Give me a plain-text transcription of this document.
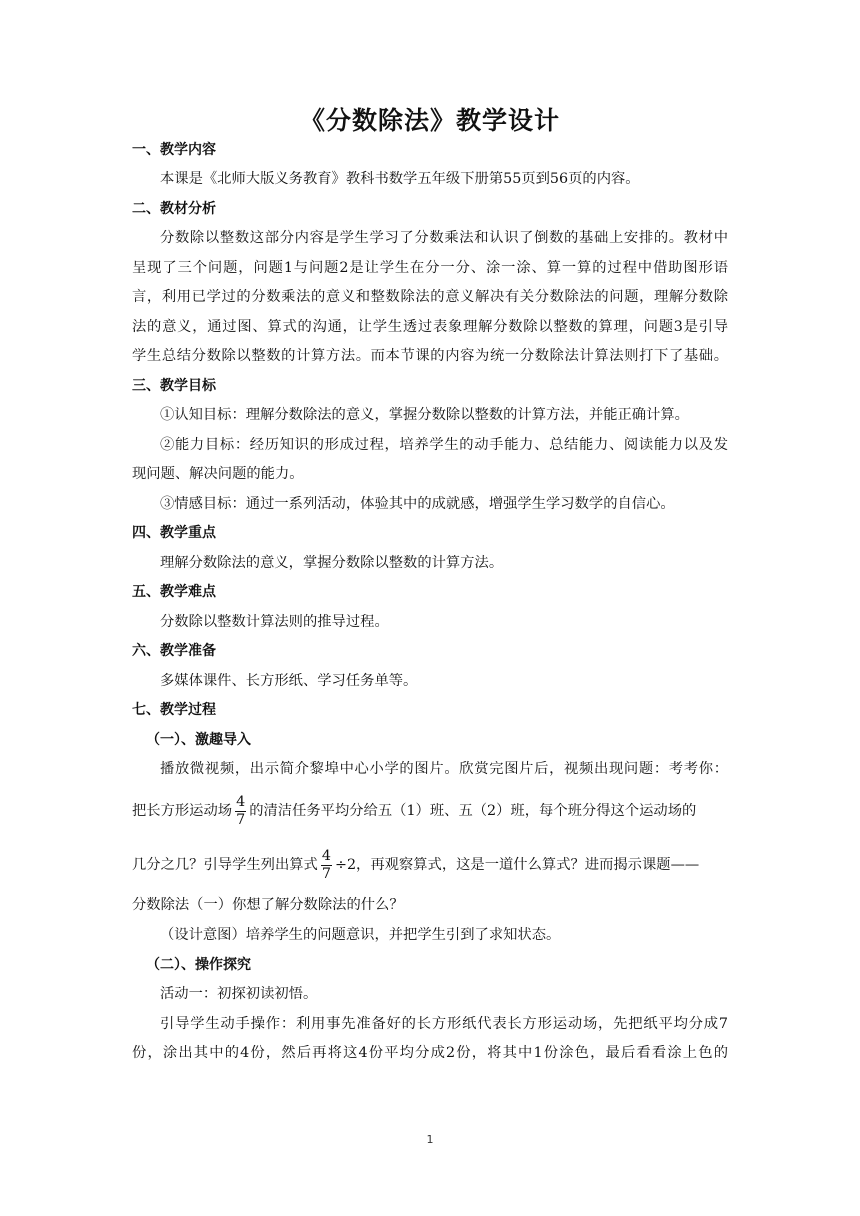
《分数除法》教学设计
一、教学内容
本课是《北师大版义务教育》教科书数学五年级下册第55页到56页的内容。
二、教材分析
分数除以整数这部分内容是学生学习了分数乘法和认识了倒数的基础上安排的。教材中
呈现了三个问题，问题1与问题2是让学生在分一分、涂一涂、算一算的过程中借助图形语
言，利用已学过的分数乘法的意义和整数除法的意义解决有关分数除法的问题，理解分数除
法的意义，通过图、算式的沟通，让学生透过表象理解分数除以整数的算理，问题3是引导
学生总结分数除以整数的计算方法。而本节课的内容为统一分数除法计算法则打下了基础。
三、教学目标
①认知目标：理解分数除法的意义，掌握分数除以整数的计算方法，并能正确计算。
②能力目标：经历知识的形成过程，培养学生的动手能力、总结能力、阅读能力以及发
现问题、解决问题的能力。
③情感目标：通过一系列活动，体验其中的成就感，增强学生学习数学的自信心。
四、教学重点
理解分数除法的意义，掌握分数除以整数的计算方法。
五、教学难点
分数除以整数计算法则的推导过程。
六、教学准备
多媒体课件、长方形纸、学习任务单等。
七、教学过程
（一）、激趣导入
播放微视频，出示简介黎埠中心小学的图片。欣赏完图片后，视频出现问题：考考你：
把长方形运动场 $\frac{4}{7}$ 的清洁任务平均分给五（1）班、五（2）班，每个班分得这个运动场的
几分之几？引导学生列出算式 $\frac{4}{7} \div 2$，再观察算式，这是一道什么算式？进而揭示课题——
分数除法（一）你想了解分数除法的什么？
（设计意图）培养学生的问题意识，并把学生引到了求知状态。
（二）、操作探究
活动一：初探初读初悟。
引导学生动手操作：利用事先准备好的长方形纸代表长方形运动场，先把纸平均分成7
份，涂出其中的4份，然后再将这4份平均分成2份，将其中1份涂色，最后看看涂上色的
1
